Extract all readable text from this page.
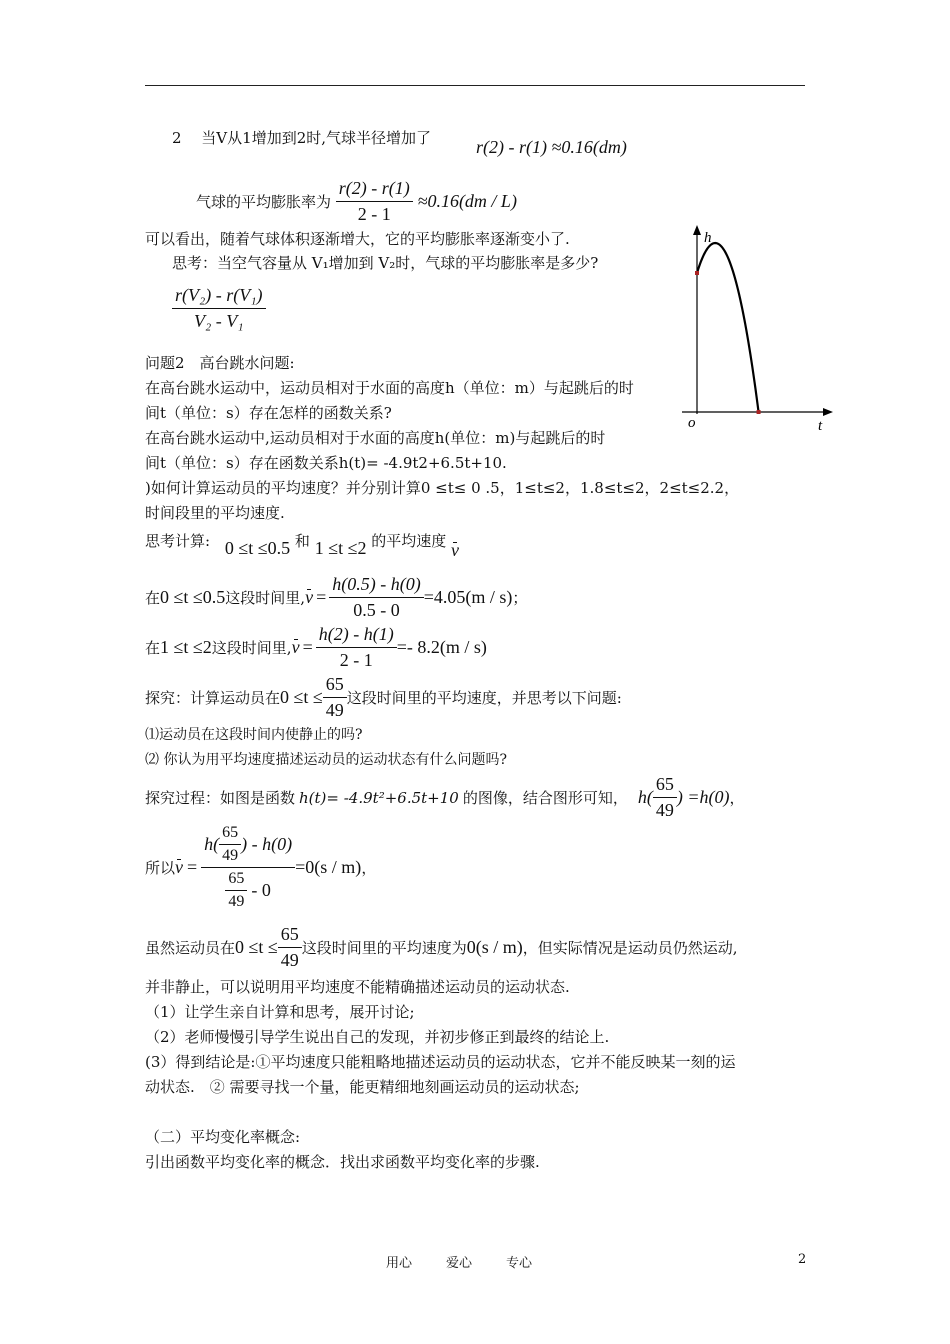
2　 当V从1增加到2时,气球半径增加了 r(2) - r(1) ≈0.16(dm)
气球的平均膨胀率为 $\frac{r(2) - r(1)}{2 - 1} \approx 0.16(dm / L)$
可以看出，随着气球体积逐渐增大，它的平均膨胀率逐渐变小了.
思考：当空气容量从 V₁增加到 V₂时，气球的平均膨胀率是多少?
$\frac{\text{r(V₂) - r(V₁)}}{\text{V₂ - V₁}}$
问题2　高台跳水问题:
在高台跳水运动中，运动员相对于水面的高度h（单位：m）与起跳后的时
间t（单位：s）存在怎样的函数关系?
在高台跳水运动中,运动员相对于水面的高度h(单位：m)与起跳后的时
间t（单位：s）存在函数关系h(t)= -4.9t2+6.5t+10.
)如何计算运动员的平均速度？并分别计算0 ≤t≤ 0 .5，1≤t≤2，1.8≤t≤2，2≤t≤2.2，
时间段里的平均速度.
思考计算: 0 ≤t ≤0.5 和 1 ≤t ≤2 的平均速度 v
在0 ≤t ≤0.5这段时间里$,v = \frac{h(0.5) - h(0)}{0.5 - 0} =4.05(m / s)$；
在1 ≤t ≤2这段时间里$,v = \frac{h(2) - h(1)}{2 - 1} =- 8.2(m / s)$
探究：计算运动员在$0 \le t \le \frac{65}{49}$ 这段时间里的平均速度，并思考以下问题:
⑴运动员在这段时间内使静止的吗?
⑵ 你认为用平均速度描述运动员的运动状态有什么问题吗?
探究过程：如图是函数 h(t)= -4.9t²+6.5t+10 的图像，结合图形可知， $h( \frac{65}{49}$ ) =h(0)，
所以$v = \frac{h( \frac{65}{49} ) - h(0)}{\frac{65}{49} - 0} =0(s / m)$，
虽然运动员在$0 \le t \le \frac{65}{49}$ 这段时间里的平均速度为0(s / m)，但实际情况是运动员仍然运动,
并非静止，可以说明用平均速度不能精确描述运动员的运动状态.
（1）让学生亲自计算和思考，展开讨论;
（2）老师慢慢引导学生说出自己的发现，并初步修正到最终的结论上.
(3）得到结论是:①平均速度只能粗略地描述运动员的运动状态，它并不能反映某一刻的运
动状态.　② 需要寻找一个量，能更精细地刻画运动员的运动状态;
（二）平均变化率概念:
引出函数平均变化率的概念．找出求函数平均变化率的步骤.
h
t
o
用心	爱心	专心	2
